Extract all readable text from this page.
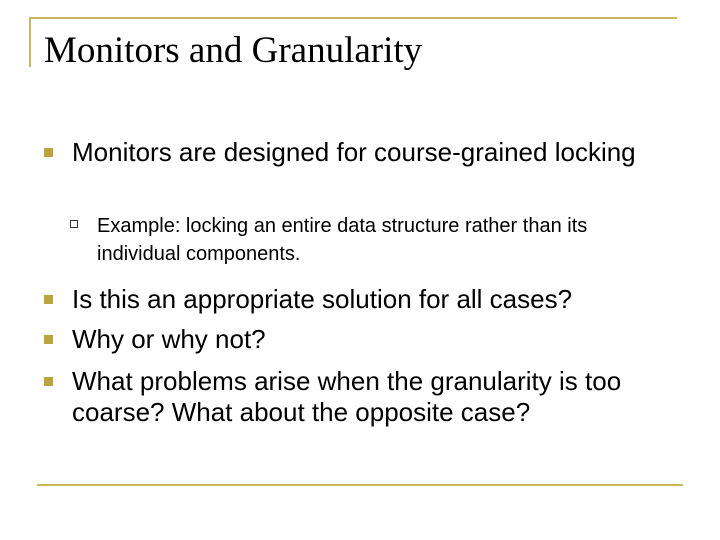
Monitors and Granularity
Monitors are designed for course-grained locking
Example: locking an entire data structure rather than its individual components.
Is this an appropriate solution for all cases?
Why or why not?
What problems arise when the granularity is too coarse? What about the opposite case?
